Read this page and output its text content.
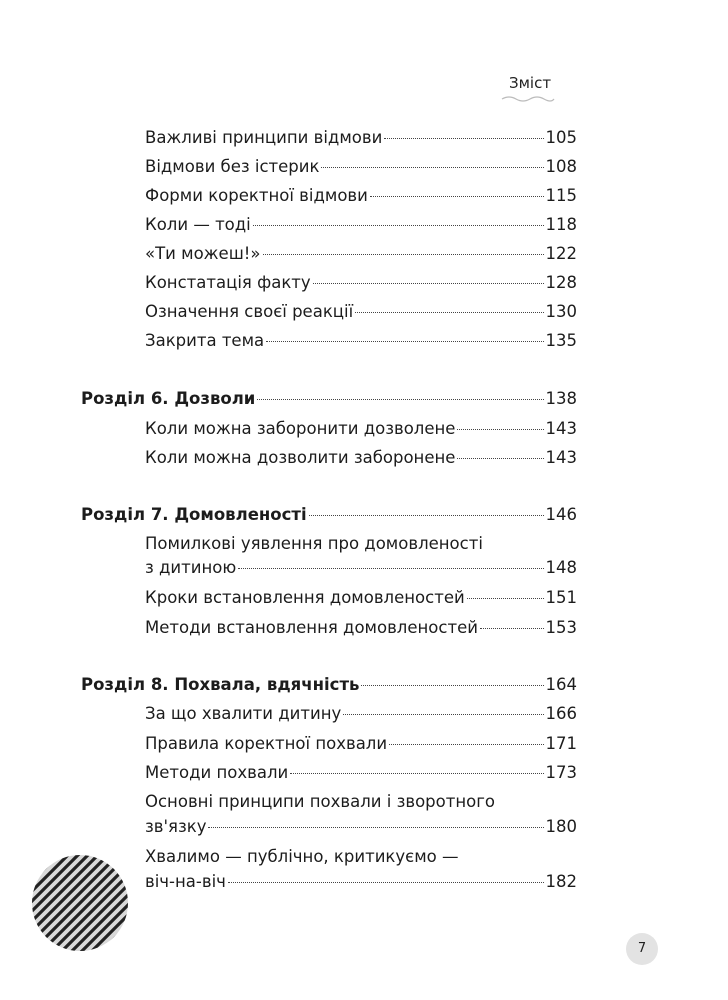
Зміст
Важливі принципи відмови	105
Відмови без істерик	108
Форми коректної відмови	115
Коли — тоді	118
«Ти можеш!»	122
Констатація факту	128
Означення своєї реакції	130
Закрита тема	135
Розділ 6. Дозволи	138
Коли можна заборонити дозволене	143
Коли можна дозволити заборонене	143
Розділ 7. Домовленості	146
Помилкові уявлення про домовленості
з дитиною	148
Кроки встановлення домовленостей	151
Методи встановлення домовленостей	153
Розділ 8. Похвала, вдячність	164
За що хвалити дитину	166
Правила коректної похвали	171
Методи похвали	173
Основні принципи похвали і зворотного
зв'язку	180
Хвалимо — публічно, критикуємо —
віч-на-віч	182
7
